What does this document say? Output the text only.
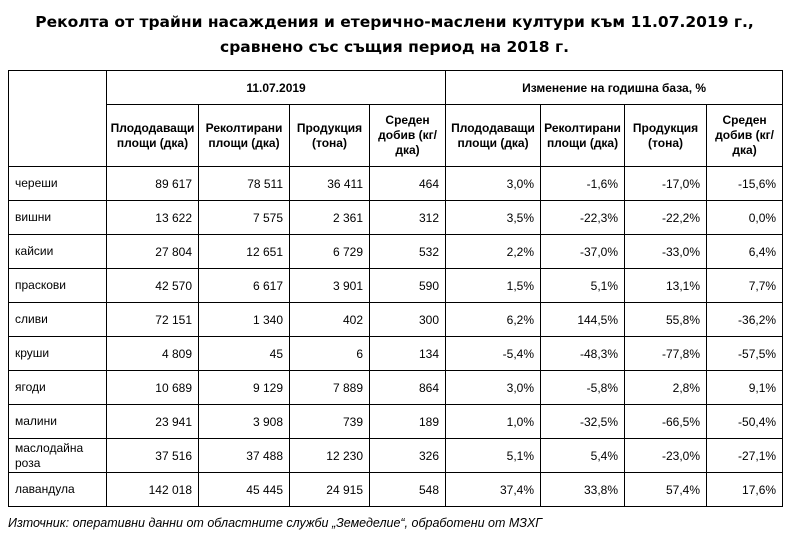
Реколта от трайни насаждения и етерично-маслени култури към 11.07.2019 г.,
сравнено със същия период на 2018 г.
	11.07.2019				Изменение на годишна база, %			
	Плододаващи площи (дка)	Реколтирани площи (дка)	Продукция (тона)	Среден добив (кг/дка)	Плододаващи площи (дка)	Реколтирани площи (дка)	Продукция (тона)	Среден добив (кг/дка)
череши	89 617	78 511	36 411	464	3,0%	-1,6%	-17,0%	-15,6%
вишни	13 622	7 575	2 361	312	3,5%	-22,3%	-22,2%	0,0%
кайсии	27 804	12 651	6 729	532	2,2%	-37,0%	-33,0%	6,4%
праскови	42 570	6 617	3 901	590	1,5%	5,1%	13,1%	7,7%
сливи	72 151	1 340	402	300	6,2%	144,5%	55,8%	-36,2%
круши	4 809	45	6	134	-5,4%	-48,3%	-77,8%	-57,5%
ягоди	10 689	9 129	7 889	864	3,0%	-5,8%	2,8%	9,1%
малини	23 941	3 908	739	189	1,0%	-32,5%	-66,5%	-50,4%
маслодайна роза	37 516	37 488	12 230	326	5,1%	5,4%	-23,0%	-27,1%
лавандула	142 018	45 445	24 915	548	37,4%	33,8%	57,4%	17,6%
Източник: оперативни данни от областните служби „Земеделие“, обработени от МЗХГ
